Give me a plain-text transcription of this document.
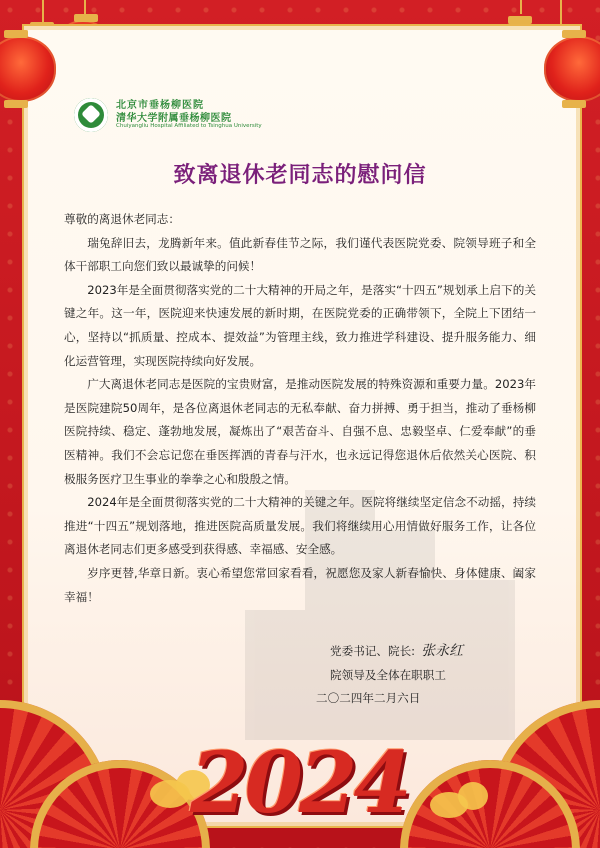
北京市垂杨柳医院
清华大学附属垂杨柳医院
Chuiyangliu Hospital Affiliated to Tsinghua University
致离退休老同志的慰问信

尊敬的离退休老同志：

瑞兔辞旧去，龙腾新年来。值此新春佳节之际，我们谨代表医院党委、院领导班子和全体干部职工向您们致以最诚挚的问候！

2023年是全面贯彻落实党的二十大精神的开局之年，是落实“十四五”规划承上启下的关键之年。这一年，医院迎来快速发展的新时期，在医院党委的正确带领下，全院上下团结一心，坚持以“抓质量、控成本、提效益”为管理主线，致力推进学科建设、提升服务能力、细化运营管理，实现医院持续向好发展。

广大离退休老同志是医院的宝贵财富，是推动医院发展的特殊资源和重要力量。2023年是医院建院50周年，是各位离退休老同志的无私奉献、奋力拼搏、勇于担当，推动了垂杨柳医院持续、稳定、蓬勃地发展，凝炼出了“艰苦奋斗、自强不息、忠毅坚卓、仁爱奉献”的垂医精神。我们不会忘记您在垂医挥洒的青春与汗水，也永远记得您退休后依然关心医院、积极服务医疗卫生事业的拳拳之心和殷殷之情。

2024年是全面贯彻落实党的二十大精神的关键之年。医院将继续坚定信念不动摇，持续推进“十四五”规划落地，推进医院高质量发展。我们将继续用心用情做好服务工作，让各位离退休老同志们更多感受到获得感、幸福感、安全感。

岁序更替,华章日新。衷心希望您常回家看看，祝愿您及家人新春愉快、身体健康、阖家幸福！

党委书记、院长: 张永红
院领导及全体在职职工
二〇二四年二月六日
2024
